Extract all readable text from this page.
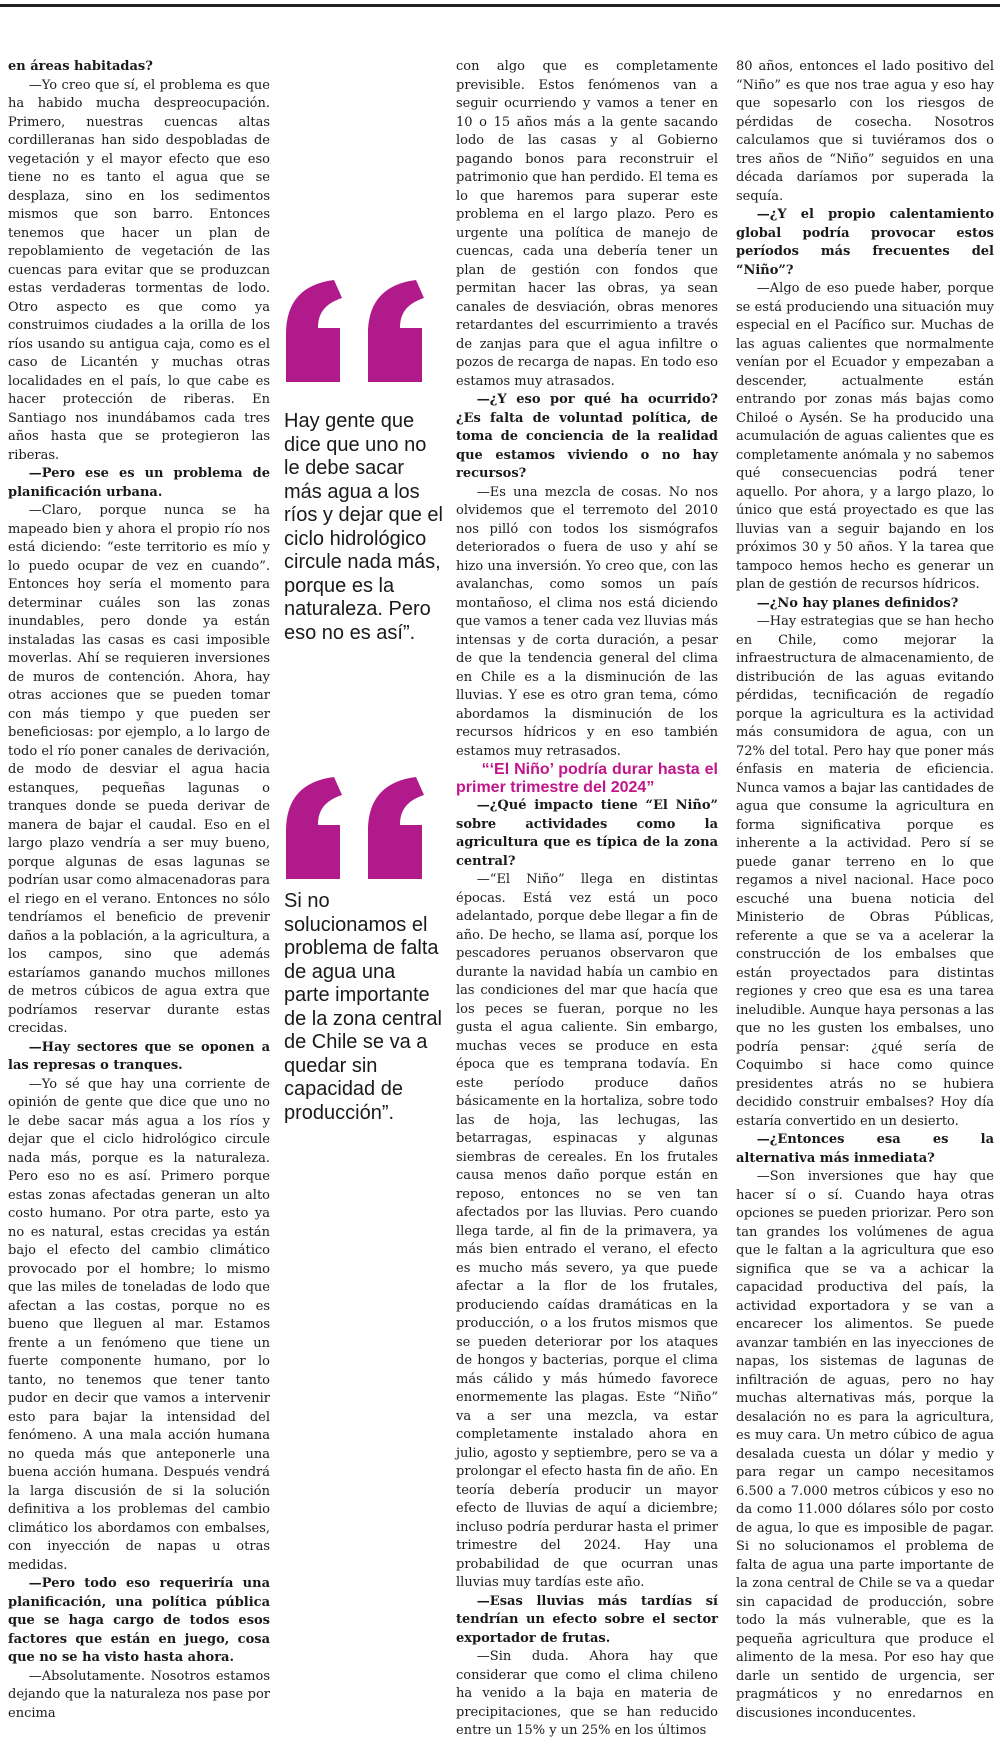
en áreas habitadas?

—Yo creo que sí, el problema es que ha habido mucha despreocupación. Primero, nuestras cuencas altas cordilleranas han sido despobladas de vegetación y el mayor efecto que eso tiene no es tanto el agua que se desplaza, sino en los sedimentos mismos que son barro. Entonces tenemos que hacer un plan de repoblamiento de vegetación de las cuencas para evitar que se produzcan estas verdaderas tormentas de lodo. Otro aspecto es que como ya construimos ciudades a la orilla de los ríos usando su antigua caja, como es el caso de Licantén y muchas otras localidades en el país, lo que cabe es hacer protección de riberas. En Santiago nos inundábamos cada tres años hasta que se protegieron las riberas.

—Pero ese es un problema de planificación urbana.

—Claro, porque nunca se ha mapeado bien y ahora el propio río nos está diciendo: “este territorio es mío y lo puedo ocupar de vez en cuando”. Entonces hoy sería el momento para determinar cuáles son las zonas inundables, pero donde ya están instaladas las casas es casi imposible moverlas. Ahí se requieren inversiones de muros de contención. Ahora, hay otras acciones que se pueden tomar con más tiempo y que pueden ser beneficiosas: por ejemplo, a lo largo de todo el río poner canales de derivación, de modo de desviar el agua hacia estanques, pequeñas lagunas o tranques donde se pueda derivar de manera de bajar el caudal. Eso en el largo plazo vendría a ser muy bueno, porque algunas de esas lagunas se podrían usar como almacenadoras para el riego en el verano. Entonces no sólo tendríamos el beneficio de prevenir daños a la población, a la agricultura, a los campos, sino que además estaríamos ganando muchos millones de metros cúbicos de agua extra que podríamos reservar durante estas crecidas.

—Hay sectores que se oponen a las represas o tranques.

—Yo sé que hay una corriente de opinión de gente que dice que uno no le debe sacar más agua a los ríos y dejar que el ciclo hidrológico circule nada más, porque es la naturaleza. Pero eso no es así. Primero porque estas zonas afectadas generan un alto costo humano. Por otra parte, esto ya no es natural, estas crecidas ya están bajo el efecto del cambio climático provocado por el hombre; lo mismo que las miles de toneladas de lodo que afectan a las costas, porque no es bueno que lleguen al mar. Estamos frente a un fenómeno que tiene un fuerte componente humano, por lo tanto, no tenemos que tener tanto pudor en decir que vamos a intervenir esto para bajar la intensidad del fenómeno. A una mala acción humana no queda más que anteponerle una buena acción humana. Después vendrá la larga discusión de si la solución definitiva a los problemas del cambio climático los abordamos con embalses, con inyección de napas u otras medidas.

—Pero todo eso requeriría una planificación, una política pública que se haga cargo de todos esos factores que están en juego, cosa que no se ha visto hasta ahora.

—Absolutamente. Nosotros estamos dejando que la naturaleza nos pase por encima

Hay gente que dice que uno no le debe sacar más agua a los ríos y dejar que el ciclo hidrológico circule nada más, porque es la naturaleza. Pero eso no es así”.
Si no solucionamos el problema de falta de agua una parte importante de la zona central de Chile se va a quedar sin capacidad de producción”.

con algo que es completamente previsible. Estos fenómenos van a seguir ocurriendo y vamos a tener en 10 o 15 años más a la gente sacando lodo de las casas y al Gobierno pagando bonos para reconstruir el patrimonio que han perdido. El tema es lo que haremos para superar este problema en el largo plazo. Pero es urgente una política de manejo de cuencas, cada una debería tener un plan de gestión con fondos que permitan hacer las obras, ya sean canales de desviación, obras menores retardantes del escurrimiento a través de zanjas para que el agua infiltre o pozos de recarga de napas. En todo eso estamos muy atrasados.

—¿Y eso por qué ha ocurrido? ¿Es falta de voluntad política, de toma de conciencia de la realidad que estamos viviendo o no hay recursos?

—Es una mezcla de cosas. No nos olvidemos que el terremoto del 2010 nos pilló con todos los sismógrafos deteriorados o fuera de uso y ahí se hizo una inversión. Yo creo que, con las avalanchas, como somos un país montañoso, el clima nos está diciendo que vamos a tener cada vez lluvias más intensas y de corta duración, a pesar de que la tendencia general del clima en Chile es a la disminución de las lluvias. Y ese es otro gran tema, cómo abordamos la disminución de los recursos hídricos y en eso también estamos muy retrasados.

“‘El Niño’ podría durar hasta el primer trimestre del 2024”

—¿Qué impacto tiene “El Niño” sobre actividades como la agricultura que es típica de la zona central?

—“El Niño” llega en distintas épocas. Está vez está un poco adelantado, porque debe llegar a fin de año. De hecho, se llama así, porque los pescadores peruanos observaron que durante la navidad había un cambio en las condiciones del mar que hacía que los peces se fueran, porque no les gusta el agua caliente. Sin embargo, muchas veces se produce en esta época que es temprana todavía. En este período produce daños básicamente en la hortaliza, sobre todo las de hoja, las lechugas, las betarragas, espinacas y algunas siembras de cereales. En los frutales causa menos daño porque están en reposo, entonces no se ven tan afectados por las lluvias. Pero cuando llega tarde, al fin de la primavera, ya más bien entrado el verano, el efecto es mucho más severo, ya que puede afectar a la flor de los frutales, produciendo caídas dramáticas en la producción, o a los frutos mismos que se pueden deteriorar por los ataques de hongos y bacterias, porque el clima más cálido y más húmedo favorece enormemente las plagas. Este “Niño” va a ser una mezcla, va estar completamente instalado ahora en julio, agosto y septiembre, pero se va a prolongar el efecto hasta fin de año. En teoría debería producir un mayor efecto de lluvias de aquí a diciembre; incluso podría perdurar hasta el primer trimestre del 2024. Hay una probabilidad de que ocurran unas lluvias muy tardías este año.

—Esas lluvias más tardías sí tendrían un efecto sobre el sector exportador de frutas.

—Sin duda. Ahora hay que considerar que como el clima chileno ha venido a la baja en materia de precipitaciones, que se han reducido entre un 15% y un 25% en los últimos

80 años, entonces el lado positivo del “Niño” es que nos trae agua y eso hay que sopesarlo con los riesgos de pérdidas de cosecha. Nosotros calculamos que si tuviéramos dos o tres años de “Niño” seguidos en una década daríamos por superada la sequía.

—¿Y el propio calentamiento global podría provocar estos períodos más frecuentes del “Niño”?

—Algo de eso puede haber, porque se está produciendo una situación muy especial en el Pacífico sur. Muchas de las aguas calientes que normalmente venían por el Ecuador y empezaban a descender, actualmente están entrando por zonas más bajas como Chiloé o Aysén. Se ha producido una acumulación de aguas calientes que es completamente anómala y no sabemos qué consecuencias podrá tener aquello. Por ahora, y a largo plazo, lo único que está proyectado es que las lluvias van a seguir bajando en los próximos 30 y 50 años. Y la tarea que tampoco hemos hecho es generar un plan de gestión de recursos hídricos.

—¿No hay planes definidos?

—Hay estrategias que se han hecho en Chile, como mejorar la infraestructura de almacenamiento, de distribución de las aguas evitando pérdidas, tecnificación de regadío porque la agricultura es la actividad más consumidora de agua, con un 72% del total. Pero hay que poner más énfasis en materia de eficiencia. Nunca vamos a bajar las cantidades de agua que consume la agricultura en forma significativa porque es inherente a la actividad. Pero sí se puede ganar terreno en lo que regamos a nivel nacional. Hace poco escuché una buena noticia del Ministerio de Obras Públicas, referente a que se va a acelerar la construcción de los embalses que están proyectados para distintas regiones y creo que esa es una tarea ineludible. Aunque haya personas a las que no les gusten los embalses, uno podría pensar: ¿qué sería de Coquimbo si hace como quince presidentes atrás no se hubiera decidido construir embalses? Hoy día estaría convertido en un desierto.

—¿Entonces esa es la alternativa más inmediata?

—Son inversiones que hay que hacer sí o sí. Cuando haya otras opciones se pueden priorizar. Pero son tan grandes los volúmenes de agua que le faltan a la agricultura que eso significa que se va a achicar la capacidad productiva del país, la actividad exportadora y se van a encarecer los alimentos. Se puede avanzar también en las inyecciones de napas, los sistemas de lagunas de infiltración de aguas, pero no hay muchas alternativas más, porque la desalación no es para la agricultura, es muy cara. Un metro cúbico de agua desalada cuesta un dólar y medio y para regar un campo necesitamos 6.500 a 7.000 metros cúbicos y eso no da como 11.000 dólares sólo por costo de agua, lo que es imposible de pagar. Si no solucionamos el problema de falta de agua una parte importante de la zona central de Chile se va a quedar sin capacidad de producción, sobre todo la más vulnerable, que es la pequeña agricultura que produce el alimento de la mesa. Por eso hay que darle un sentido de urgencia, ser pragmáticos y no enredarnos en discusiones inconducentes.
